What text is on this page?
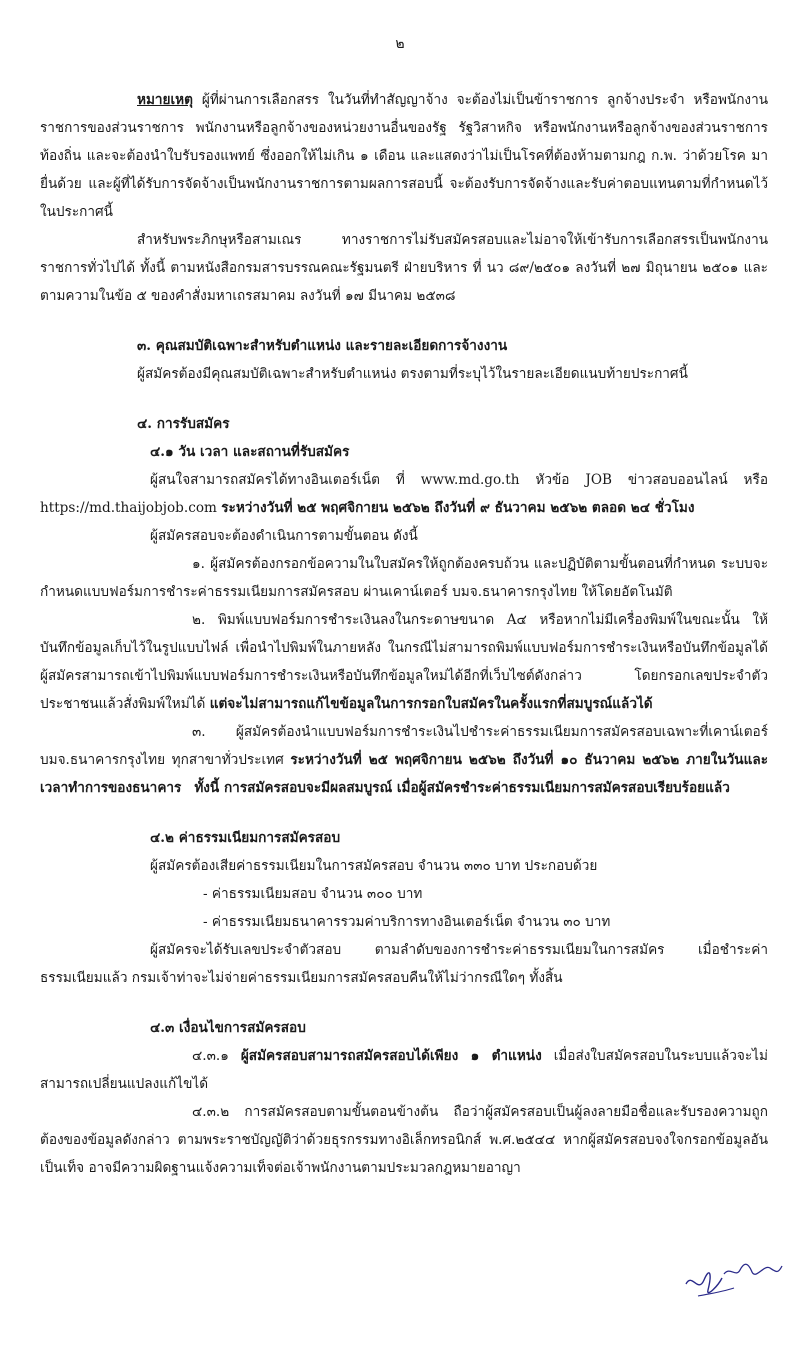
๒

หมายเหตุ ผู้ที่ผ่านการเลือกสรร ในวันที่ทำสัญญาจ้าง จะต้องไม่เป็นข้าราชการ ลูกจ้างประจำ หรือพนักงานราชการของส่วนราชการ พนักงานหรือลูกจ้างของหน่วยงานอื่นของรัฐ รัฐวิสาหกิจ หรือพนักงานหรือลูกจ้างของส่วนราชการท้องถิ่น และจะต้องนำใบรับรองแพทย์ ซึ่งออกให้ไม่เกิน ๑ เดือน และแสดงว่าไม่เป็นโรคที่ต้องห้ามตามกฎ ก.พ. ว่าด้วยโรค มายื่นด้วย และผู้ที่ได้รับการจัดจ้างเป็นพนักงานราชการตามผลการสอบนี้ จะต้องรับการจัดจ้างและรับค่าตอบแทนตามที่กำหนดไว้ในประกาศนี้

สำหรับพระภิกษุหรือสามเณร ทางราชการไม่รับสมัครสอบและไม่อาจให้เข้ารับการเลือกสรรเป็นพนักงานราชการทั่วไปได้ ทั้งนี้ ตามหนังสือกรมสารบรรณคณะรัฐมนตรี ฝ่ายบริหาร ที่ นว ๘๙/๒๕๐๑ ลงวันที่ ๒๗ มิถุนายน ๒๕๐๑ และตามความในข้อ ๕ ของคำสั่งมหาเถรสมาคม ลงวันที่ ๑๗ มีนาคม ๒๕๓๘

๓. คุณสมบัติเฉพาะสำหรับตำแหน่ง และรายละเอียดการจ้างงาน

ผู้สมัครต้องมีคุณสมบัติเฉพาะสำหรับตำแหน่ง ตรงตามที่ระบุไว้ในรายละเอียดแนบท้ายประกาศนี้

๔. การรับสมัคร

๔.๑ วัน เวลา และสถานที่รับสมัคร

ผู้สนใจสามารถสมัครได้ทางอินเตอร์เน็ต ที่ www.md.go.th หัวข้อ JOB ข่าวสอบออนไลน์ หรือ https://md.thaijobjob.com ระหว่างวันที่ ๒๕ พฤศจิกายน ๒๕๖๒ ถึงวันที่ ๙ ธันวาคม ๒๕๖๒ ตลอด ๒๔ ชั่วโมง

ผู้สมัครสอบจะต้องดำเนินการตามขั้นตอน ดังนี้

๑. ผู้สมัครต้องกรอกข้อความในใบสมัครให้ถูกต้องครบถ้วน และปฏิบัติตามขั้นตอนที่กำหนด ระบบจะกำหนดแบบฟอร์มการชำระค่าธรรมเนียมการสมัครสอบ ผ่านเคาน์เตอร์ บมจ.ธนาคารกรุงไทย ให้โดยอัตโนมัติ

๒. พิมพ์แบบฟอร์มการชำระเงินลงในกระดาษขนาด A๔ หรือหากไม่มีเครื่องพิมพ์ในขณะนั้น ให้บันทึกข้อมูลเก็บไว้ในรูปแบบไฟล์ เพื่อนำไปพิมพ์ในภายหลัง ในกรณีไม่สามารถพิมพ์แบบฟอร์มการชำระเงินหรือบันทึกข้อมูลได้ ผู้สมัครสามารถเข้าไปพิมพ์แบบฟอร์มการชำระเงินหรือบันทึกข้อมูลใหม่ได้อีกที่เว็บไซต์ดังกล่าว โดยกรอกเลขประจำตัวประชาชนแล้วสั่งพิมพ์ใหม่ได้ แต่จะไม่สามารถแก้ไขข้อมูลในการกรอกใบสมัครในครั้งแรกที่สมบูรณ์แล้วได้

๓. ผู้สมัครต้องนำแบบฟอร์มการชำระเงินไปชำระค่าธรรมเนียมการสมัครสอบเฉพาะที่เคาน์เตอร์ บมจ.ธนาคารกรุงไทย ทุกสาขาทั่วประเทศ ระหว่างวันที่ ๒๕ พฤศจิกายน ๒๕๖๒ ถึงวันที่ ๑๐ ธันวาคม ๒๕๖๒ ภายในวันและเวลาทำการของธนาคาร ทั้งนี้ การสมัครสอบจะมีผลสมบูรณ์ เมื่อผู้สมัครชำระค่าธรรมเนียมการสมัครสอบเรียบร้อยแล้ว

๔.๒ ค่าธรรมเนียมการสมัครสอบ

ผู้สมัครต้องเสียค่าธรรมเนียมในการสมัครสอบ จำนวน ๓๓๐ บาท ประกอบด้วย

- ค่าธรรมเนียมสอบ จำนวน ๓๐๐ บาท

- ค่าธรรมเนียมธนาคารรวมค่าบริการทางอินเตอร์เน็ต จำนวน ๓๐ บาท

ผู้สมัครจะได้รับเลขประจำตัวสอบ ตามลำดับของการชำระค่าธรรมเนียมในการสมัคร เมื่อชำระค่าธรรมเนียมแล้ว กรมเจ้าท่าจะไม่จ่ายค่าธรรมเนียมการสมัครสอบคืนให้ไม่ว่ากรณีใดๆ ทั้งสิ้น

๔.๓ เงื่อนไขการสมัครสอบ

๔.๓.๑ ผู้สมัครสอบสามารถสมัครสอบได้เพียง ๑ ตำแหน่ง เมื่อส่งใบสมัครสอบในระบบแล้วจะไม่สามารถเปลี่ยนแปลงแก้ไขได้

๔.๓.๒ การสมัครสอบตามขั้นตอนข้างต้น ถือว่าผู้สมัครสอบเป็นผู้ลงลายมือชื่อและรับรองความถูกต้องของข้อมูลดังกล่าว ตามพระราชบัญญัติว่าด้วยธุรกรรมทางอิเล็กทรอนิกส์ พ.ศ.๒๕๔๔ หากผู้สมัครสอบจงใจกรอกข้อมูลอันเป็นเท็จ อาจมีความผิดฐานแจ้งความเท็จต่อเจ้าพนักงานตามประมวลกฎหมายอาญา
